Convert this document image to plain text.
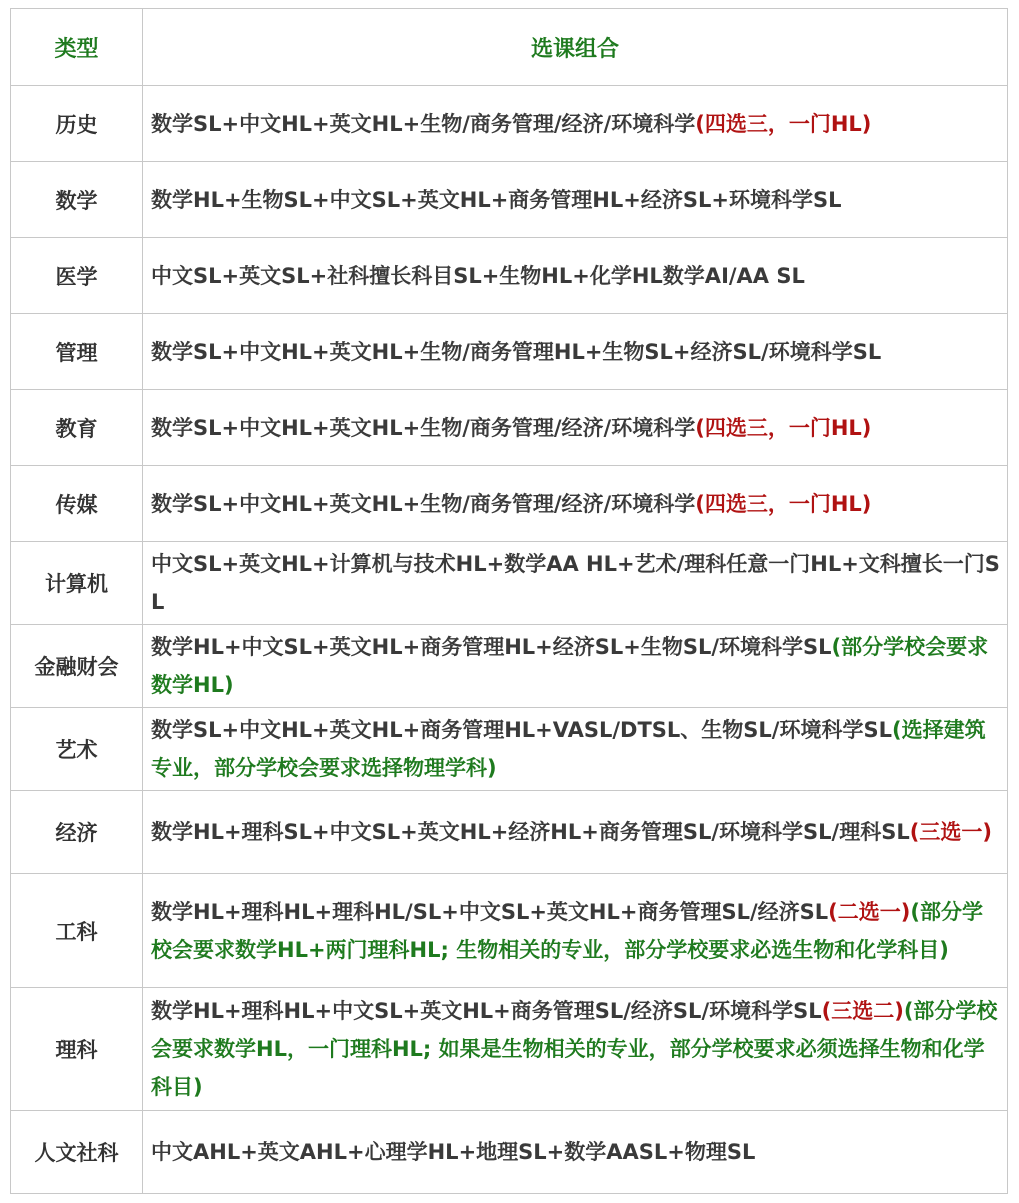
类型	选课组合
历史	数学SL+中文HL+英文HL+生物/商务管理/经济/环境科学(四选三，一门HL)
数学	数学HL+生物SL+中文SL+英文HL+商务管理HL+经济SL+环境科学SL
医学	中文SL+英文SL+社科擅长科目SL+生物HL+化学HL数学AI/AA SL
管理	数学SL+中文HL+英文HL+生物/商务管理HL+生物SL+经济SL/环境科学SL
教育	数学SL+中文HL+英文HL+生物/商务管理/经济/环境科学(四选三，一门HL)
传媒	数学SL+中文HL+英文HL+生物/商务管理/经济/环境科学(四选三，一门HL)
计算机	中文SL+英文HL+计算机与技术HL+数学AA HL+艺术/理科任意一门HL+文科擅长一门SL
金融财会	数学HL+中文SL+英文HL+商务管理HL+经济SL+生物SL/环境科学SL(部分学校会要求数学HL)
艺术	数学SL+中文HL+英文HL+商务管理HL+VASL/DTSL、生物SL/环境科学SL(选择建筑专业，部分学校会要求选择物理学科)
经济	数学HL+理科SL+中文SL+英文HL+经济HL+商务管理SL/环境科学SL/理科SL(三选一)
工科	数学HL+理科HL+理科HL/SL+中文SL+英文HL+商务管理SL/经济SL(二选一)(部分学校会要求数学HL+两门理科HL; 生物相关的专业，部分学校要求必选生物和化学科目)
理科	数学HL+理科HL+中文SL+英文HL+商务管理SL/经济SL/环境科学SL(三选二)(部分学校会要求数学HL，一门理科HL; 如果是生物相关的专业，部分学校要求必须选择生物和化学科目)
人文社科	中文AHL+英文AHL+心理学HL+地理SL+数学AASL+物理SL
